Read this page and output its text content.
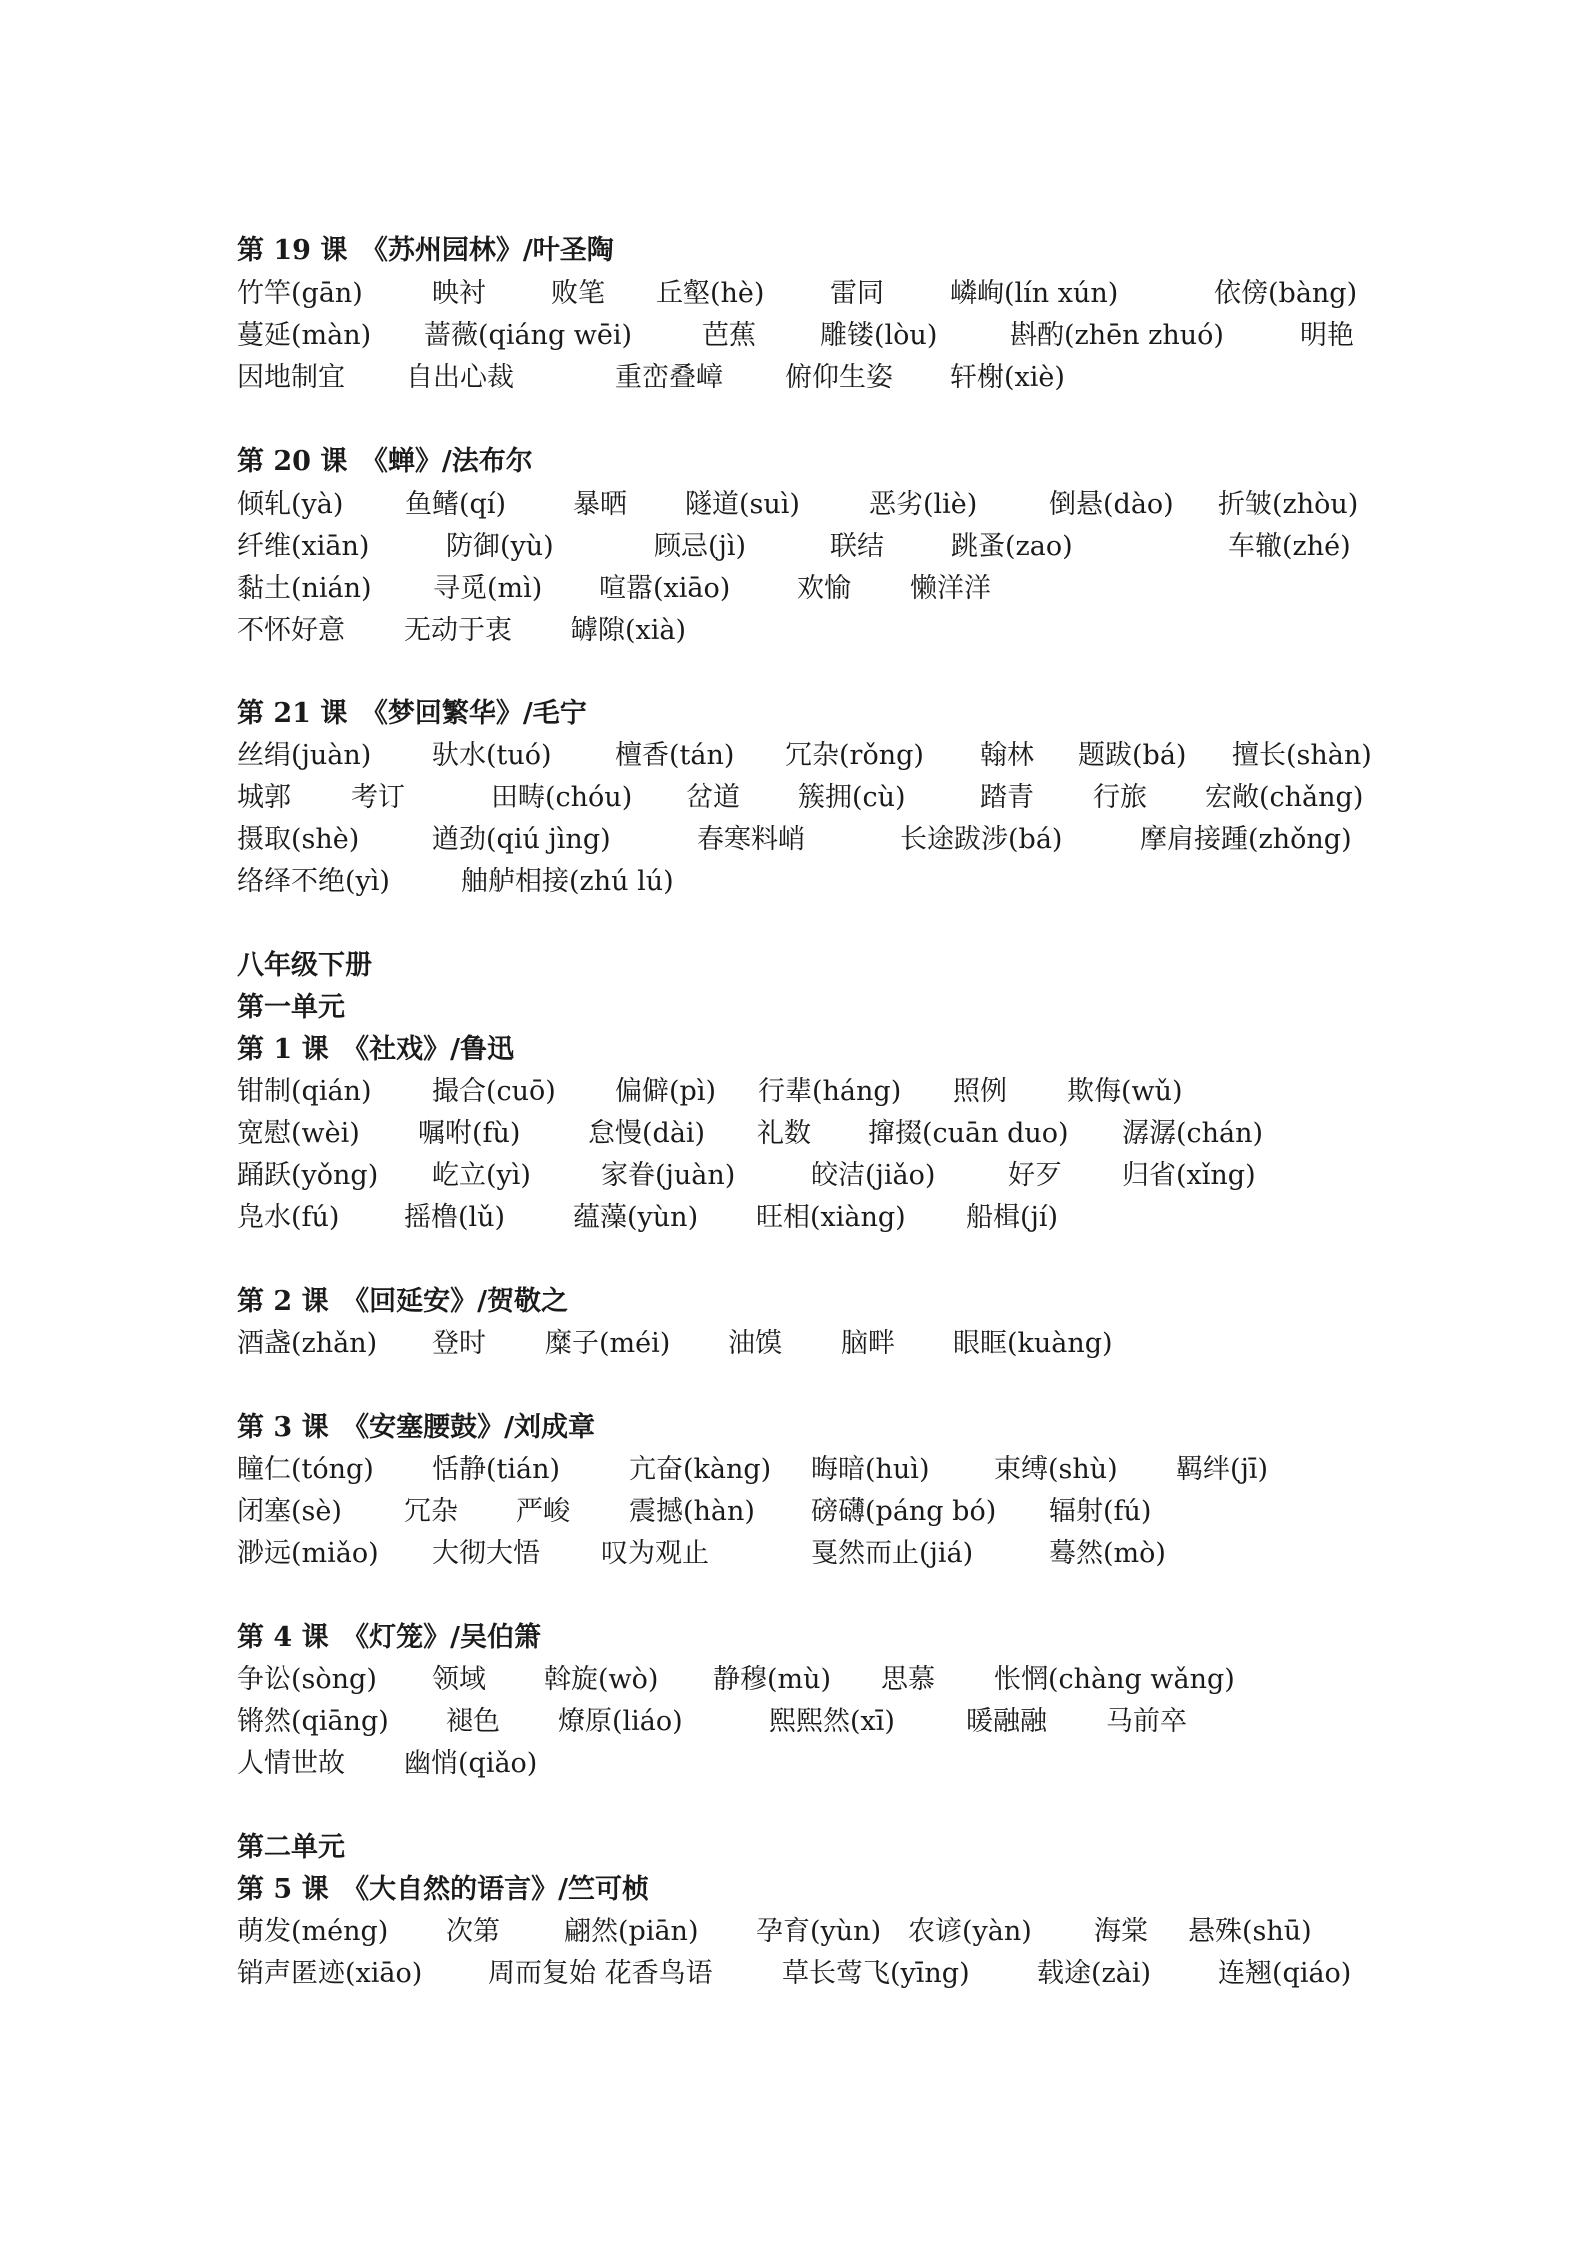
第 19 课　《苏州园林》/叶圣陶
竹竿(gān)	映衬 败笔 丘壑(hè) 雷同 嶙峋(lín xún)	依傍(bàng)
蔓延(màn) 蔷薇(qiáng wēi)	芭蕉 雕镂(lòu)	斟酌(zhēn zhuó)	明艳
因地制宜 自出心裁	重峦叠嶂 俯仰生姿 轩榭(xiè)
第 20 课　《蝉》/法布尔
倾轧(yà) 鱼鳍(qí) 暴晒 隧道(suì)	恶劣(liè)	倒悬(dào) 折皱(zhòu)
纤维(xiān)	防御(yù)	顾忌(jì)	联结 跳蚤(zao)	车辙(zhé)
黏土(nián) 寻觅(mì) 喧嚣(xiāo) 欢愉 懒洋洋
不怀好意 无动于衷 罅隙(xià)
第 21 课　《梦回繁华》/毛宁
丝绢(juàn) 驮水(tuó) 檀香(tán) 冗杂(rǒng) 翰林 题跋(bá) 擅长(shàn)
城郭 考订	田畴(chóu) 岔道 簇拥(cù)	踏青 行旅 宏敞(chǎng)
摄取(shè)	遒劲(qiú jìng)	春寒料峭	长途跋涉(bá)	摩肩接踵(zhǒng)
络绎不绝(yì)	舳舻相接(zhú lú)
八年级下册
第一单元
第 1 课　《社戏》/鲁迅
钳制(qián) 撮合(cuō) 偏僻(pì) 行辈(háng) 照例 欺侮(wǔ)
宽慰(wèi) 嘱咐(fù)	怠慢(dài) 礼数 撺掇(cuān duo) 潺潺(chán)
踊跃(yǒng) 屹立(yì)	家眷(juàn)	皎洁(jiǎo)	好歹 归省(xǐng)
凫水(fú) 摇橹(lǔ)	蕴藻(yùn) 旺相(xiàng) 船楫(jí)
第 2 课　《回延安》/贺敬之
酒盏(zhǎn) 登时 糜子(méi) 油馍 脑畔 眼眶(kuàng)
第 3 课　《安塞腰鼓》/刘成章
瞳仁(tóng) 恬静(tián)	亢奋(kàng) 晦暗(huì) 束缚(shù) 羁绊(jī)
闭塞(sè) 冗杂 严峻 震撼(hàn) 磅礴(páng bó) 辐射(fú)
渺远(miǎo) 大彻大悟 叹为观止	戛然而止(jiá)	蓦然(mò)
第 4 课　《灯笼》/吴伯箫
争讼(sòng) 领域 斡旋(wò) 静穆(mù) 思慕 怅惘(chàng wǎng)
锵然(qiāng) 褪色 燎原(liáo)	熙熙然(xī)	暖融融 马前卒
人情世故 幽悄(qiǎo)
第二单元
第 5 课　《大自然的语言》/竺可桢
萌发(méng) 次第 翩然(piān) 孕育(yùn) 农谚(yàn) 海棠 悬殊(shū)
销声匿迹(xiāo) 周而复始 花香鸟语	草长莺飞(yīng) 载途(zài) 连翘(qiáo)
